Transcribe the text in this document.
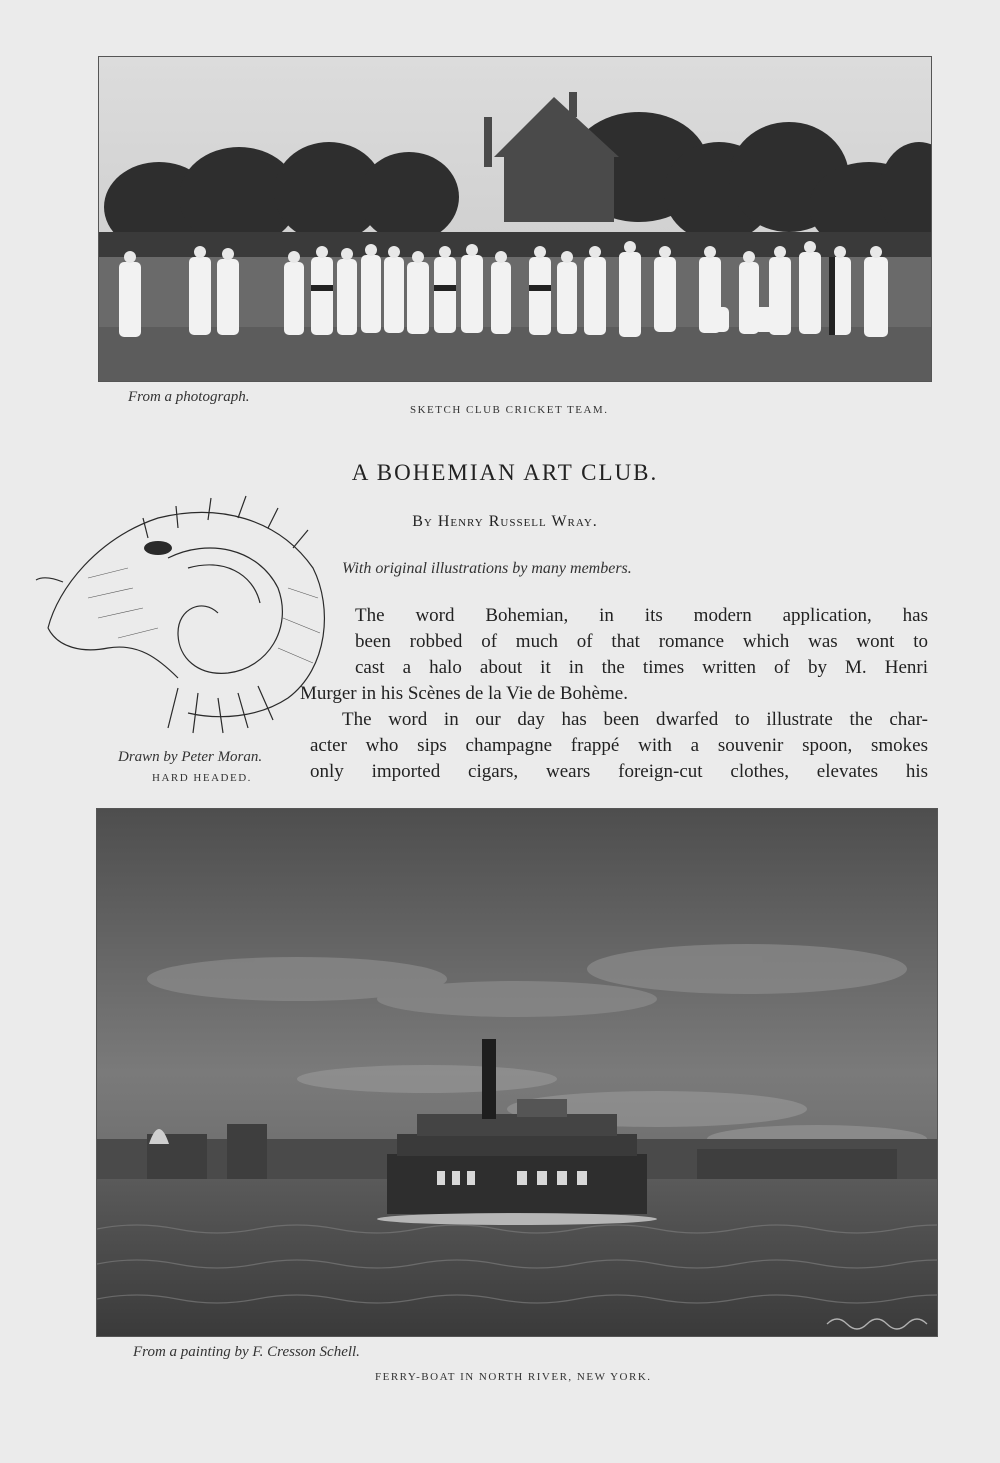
From a photograph.
SKETCH CLUB CRICKET TEAM.
Drawn by Peter Moran.
HARD HEADED.
A BOHEMIAN ART CLUB.
By Henry Russell Wray.
With original illustrations by many members.
The word Bohemian, in its modern application, has
been robbed of much of that romance which was wont to
cast a halo about it in the times written of by M. Henri
Murger in his Scènes de la Vie de Bohème.
The word in our day has been dwarfed to illustrate the char-
acter who sips champagne frappé with a souvenir spoon, smokes
only imported cigars, wears foreign-cut clothes, elevates his
From a painting by F. Cresson Schell.
FERRY-BOAT IN NORTH RIVER, NEW YORK.
